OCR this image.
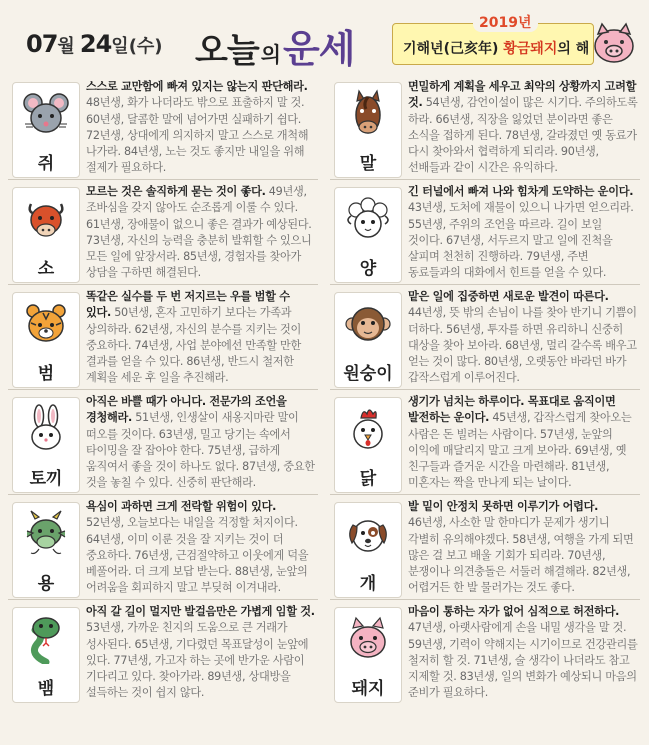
07월 24일(수) 오늘의운세
2019년
기해년(己亥年) 황금돼지의 해
쥐
스스로 교만함에 빠져 있지는 않는지 판단해라. 48년생, 화가 나더라도 밖으로 표출하지 말 것. 60년생, 달콤한 말에 넘어가면 실패하기 쉽다. 72년생, 상대에게 의지하지 말고 스스로 개척해 나가라. 84년생, 노는 것도 좋지만 내일을 위해 절제가 필요하다.
소
모르는 것은 솔직하게 묻는 것이 좋다. 49년생, 조바심을 갖지 않아도 순조롭게 이룰 수 있다. 61년생, 장애물이 없으니 좋은 결과가 예상된다. 73년생, 자신의 능력을 충분히 발휘할 수 있으니 모든 일에 앞장서라. 85년생, 경험자를 찾아가 상담을 구하면 해결된다.
범
똑같은 실수를 두 번 저지르는 우를 범할 수 있다. 50년생, 혼자 고민하기 보다는 가족과 상의하라. 62년생, 자신의 분수를 지키는 것이 중요하다. 74년생, 사업 분야에선 만족할 만한 결과를 얻을 수 있다. 86년생, 반드시 철저한 계획을 세운 후 일을 추진해라.
토끼
아직은 바쁠 때가 아니다. 전문가의 조언을 경청해라. 51년생, 인생살이 새옹지마란 말이 떠오를 것이다. 63년생, 밀고 당기는 속에서 타이밍을 잘 잡아야 한다. 75년생, 급하게 움직여서 좋을 것이 하나도 없다. 87년생, 중요한 것을 놓칠 수 있다. 신중히 판단해라.
용
욕심이 과하면 크게 전락할 위험이 있다. 52년생, 오늘보다는 내일을 걱정할 처지이다. 64년생, 이미 이룬 것을 잘 지키는 것이 더 중요하다. 76년생, 근검절약하고 이웃에게 덕을 베풀어라. 더 크게 보답 받는다. 88년생, 눈앞의 어려움을 회피하지 말고 부딪혀 이겨내라.
뱀
아직 갈 길이 멀지만 발걸음만은 가볍게 임할 것. 53년생, 가까운 친지의 도움으로 큰 거래가 성사된다. 65년생, 기다렸던 목표달성이 눈앞에 있다. 77년생, 가고자 하는 곳에 반가운 사람이 기다리고 있다. 찾아가라. 89년생, 상대방을 설득하는 것이 쉽지 않다.
말
면밀하게 계획을 세우고 최악의 상황까지 고려할 것. 54년생, 감언이설이 많은 시기다. 주의하도록 하라. 66년생, 직장을 잃었던 분이라면 좋은 소식을 접하게 된다. 78년생, 갈라졌던 옛 동료가 다시 찾아와서 협력하게 되리라. 90년생, 선배들과 같이 시간은 유익하다.
양
긴 터널에서 빠져 나와 힘차게 도약하는 운이다. 43년생, 도처에 재물이 있으니 나가면 얻으리라. 55년생, 주위의 조언을 따르라. 길이 보일 것이다. 67년생, 서두르지 말고 일에 진척을 살피며 천천히 진행하라. 79년생, 주변 동료들과의 대화에서 힌트를 얻을 수 있다.
원숭이
맡은 일에 집중하면 새로운 발견이 따른다. 44년생, 뜻 밖의 손님이 나를 찾아 반기니 기쁨이 더하다. 56년생, 투자를 하면 유리하니 신중히 대상을 찾아 보아라. 68년생, 멀리 갈수록 배우고 얻는 것이 많다. 80년생, 오랫동안 바라던 바가 갑작스럽게 이루어진다.
닭
생기가 넘치는 하루이다. 목표대로 움직이면 발전하는 운이다. 45년생, 갑작스럽게 찾아오는 사람은 돈 빌려는 사람이다. 57년생, 눈앞의 이익에 매달리지 말고 크게 보아라. 69년생, 옛 친구들과 즐거운 시간을 마련해라. 81년생, 미혼자는 짝을 만나게 되는 날이다.
개
발 밑이 안정치 못하면 이루기가 어렵다. 46년생, 사소한 말 한마디가 문제가 생기니 각별히 유의해야겠다. 58년생, 여행을 가게 되면 많은 걸 보고 배울 기회가 되리라. 70년생, 분쟁이나 의견충돌은 서둘러 해결해라. 82년생, 어렵거든 한 발 물러가는 것도 좋다.
돼지
마음이 통하는 자가 없어 심적으로 허전하다. 47년생, 아랫사람에게 손을 내밀 생각을 말 것. 59년생, 기력이 약해지는 시기이므로 건강관리를 철저히 할 것. 71년생, 술 생각이 나더라도 참고 지제할 것. 83년생, 일의 변화가 예상되니 마음의 준비가 필요하다.
